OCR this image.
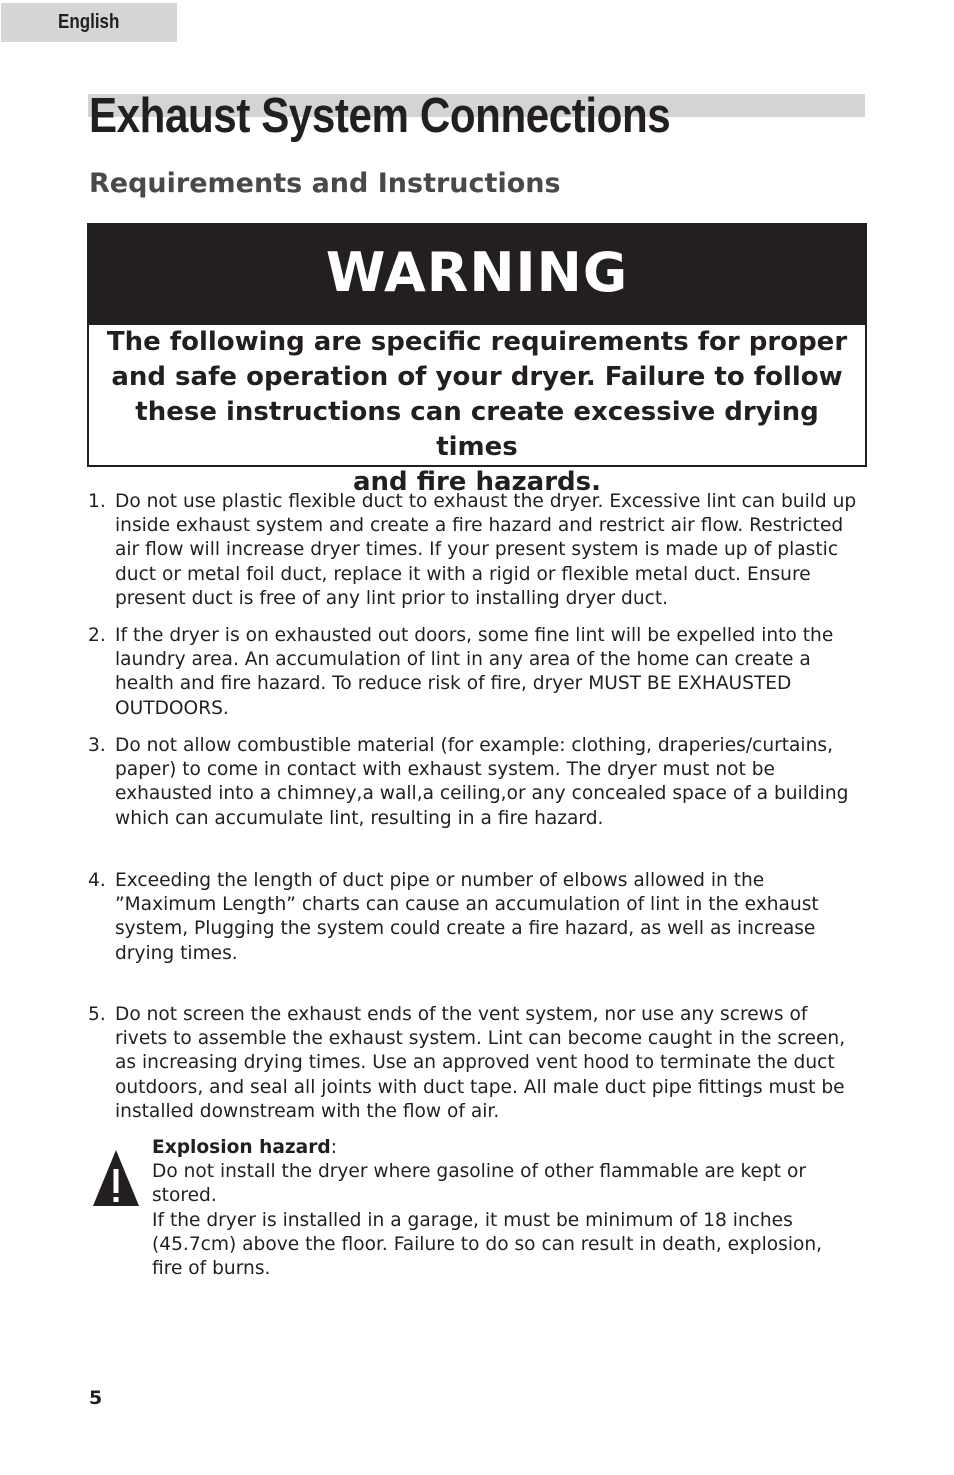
English
Exhaust System Connections
Requirements and Instructions
WARNING

The following are specific requirements for proper
and safe operation of your dryer. Failure to follow
these instructions can create excessive drying times
and fire hazards.

1. Do not use plastic flexible duct to exhaust the dryer. Excessive lint can build up inside exhaust system and create a fire hazard and restrict air flow. Restricted air flow will increase dryer times. If your present system is made up of plastic duct or metal foil duct, replace it with a rigid or flexible metal duct. Ensure present duct is free of any lint prior to installing dryer duct.
2. If the dryer is on exhausted out doors, some fine lint will be expelled into the laundry area. An accumulation of lint in any area of the home can create a health and fire hazard. To reduce risk of fire, dryer MUST BE EXHAUSTED OUTDOORS.
3. Do not allow combustible material (for example: clothing, draperies/curtains, paper) to come in contact with exhaust system. The dryer must not be exhausted into a chimney,a wall,a ceiling,or any concealed space of a building which can accumulate lint, resulting in a fire hazard.
4. Exceeding the length of duct pipe or number of elbows allowed in the ”Maximum Length” charts can cause an accumulation of lint in the exhaust system, Plugging the system could create a fire hazard, as well as increase drying times.
5. Do not screen the exhaust ends of the vent system, nor use any screws of rivets to assemble the exhaust system. Lint can become caught in the screen, as increasing drying times. Use an approved vent hood to terminate the duct outdoors, and seal all joints with duct tape. All male duct pipe fittings must be installed downstream with the flow of air.
Explosion hazard:
Do not install the dryer where gasoline of other flammable are kept or stored.
If the dryer is installed in a garage, it must be minimum of 18 inches (45.7cm) above the floor. Failure to do so can result in death, explosion, fire of burns.
5
